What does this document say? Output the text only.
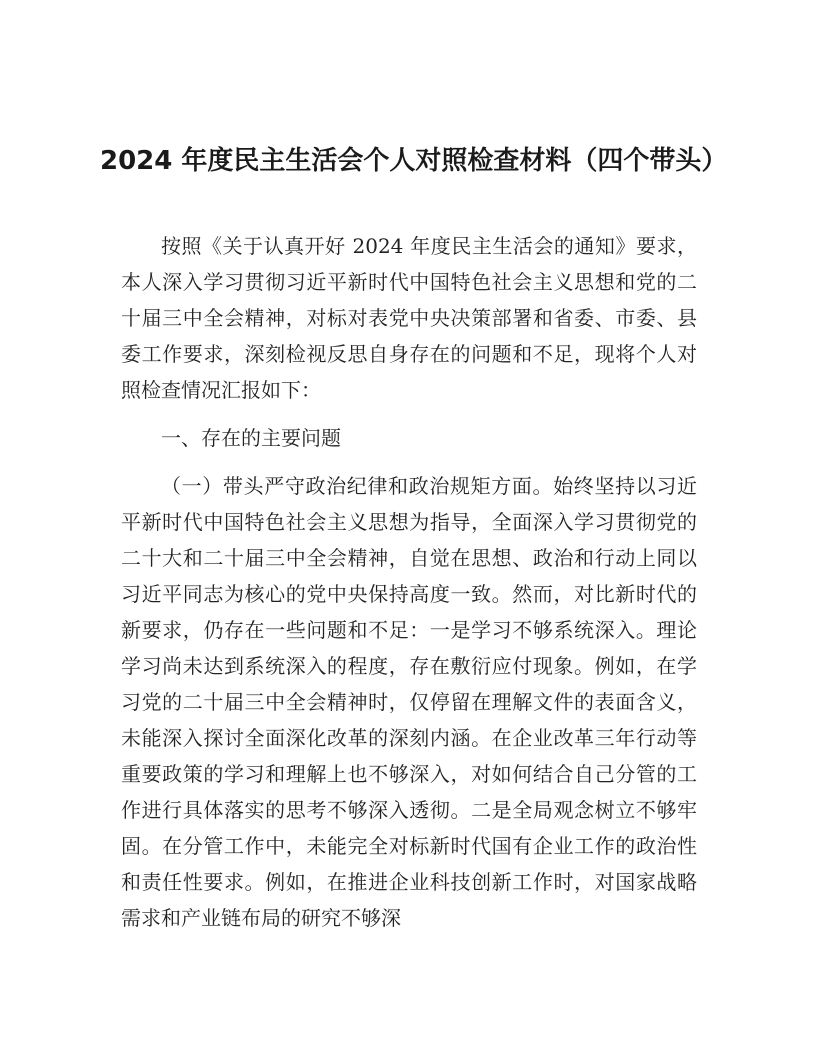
2024 年度民主生活会个人对照检查材料（四个带头）

按照《关于认真开好 2024 年度民主生活会的通知》要求，本人深入学习贯彻习近平新时代中国特色社会主义思想和党的二十届三中全会精神，对标对表党中央决策部署和省委、市委、县委工作要求，深刻检视反思自身存在的问题和不足，现将个人对照检查情况汇报如下：

一、存在的主要问题

（一）带头严守政治纪律和政治规矩方面。始终坚持以习近平新时代中国特色社会主义思想为指导，全面深入学习贯彻党的二十大和二十届三中全会精神，自觉在思想、政治和行动上同以习近平同志为核心的党中央保持高度一致。然而，对比新时代的新要求，仍存在一些问题和不足：一是学习不够系统深入。理论学习尚未达到系统深入的程度，存在敷衍应付现象。例如，在学习党的二十届三中全会精神时，仅停留在理解文件的表面含义，未能深入探讨全面深化改革的深刻内涵。在企业改革三年行动等重要政策的学习和理解上也不够深入，对如何结合自己分管的工作进行具体落实的思考不够深入透彻。二是全局观念树立不够牢固。在分管工作中，未能完全对标新时代国有企业工作的政治性和责任性要求。例如，在推进企业科技创新工作时，对国家战略需求和产业链布局的研究不够深
